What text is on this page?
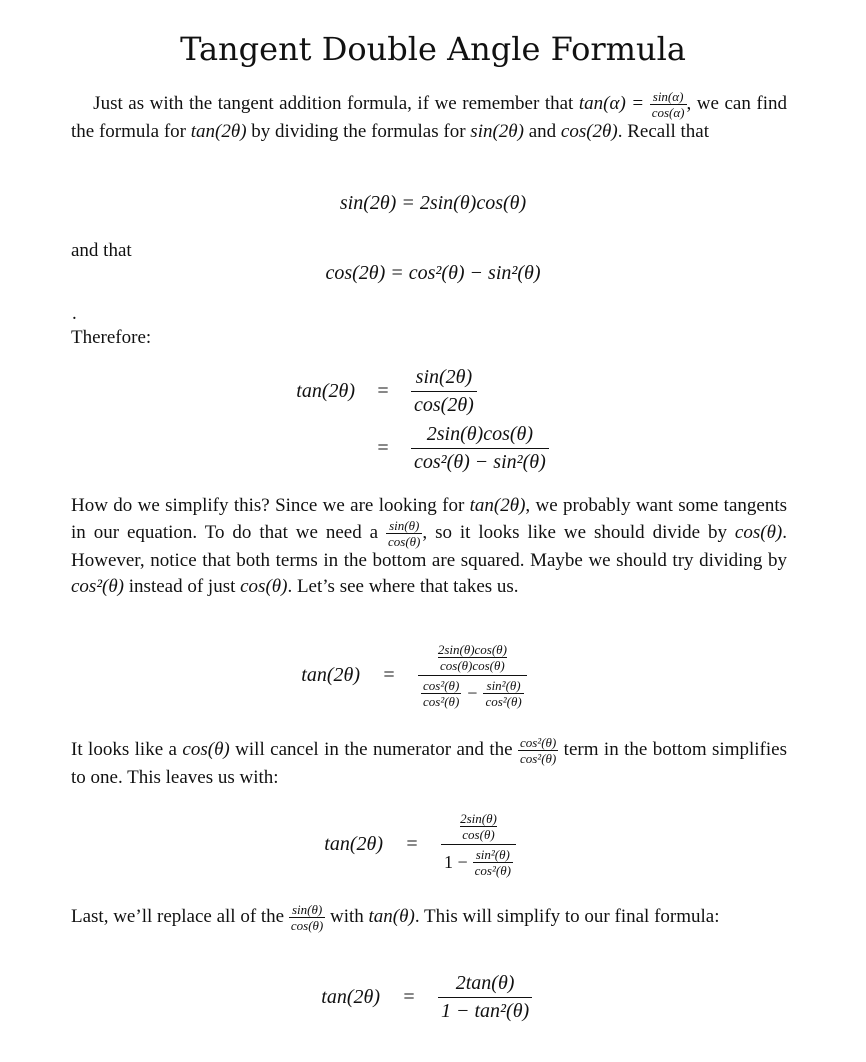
Tangent Double Angle Formula
Just as with the tangent addition formula, if we remember that $\tan(\alpha) = \frac{\sin(\alpha)}{\cos(\alpha)}$ , we can find the formula for tan(2θ) by dividing the formulas for sin(2θ) and cos(2θ). Recall that
sin(2θ) = 2sin(θ)cos(θ)
and that
cos(2θ) = cos²(θ) − sin²(θ)
.
Therefore:
tan(2θ)	=	$\frac{\sin(2\theta)}{\cos(2\theta)}$
=	$\frac{2\sin(\theta)\cos(\theta)}{\text{cos²(θ) − sin²(θ)}}$
How do we simplify this? Since we are looking for tan(2θ), we probably want some tangents in our equation. To do that we need a $\frac{\sin(\theta)}{\cos(\theta)}$ , so it looks like we should divide by cos(θ). However, notice that both terms in the bottom are squared. Maybe we should try dividing by cos²(θ) instead of just cos(θ). Let’s see where that takes us.
tan(2θ)	=	$\frac{\frac{2\sin(\theta)\cos(\theta)}{\cos(\theta)\cos(\theta)}}{\frac{\text{cos²(θ)}}{\text{cos²(θ)}} - \frac{\text{sin²(θ)}}{\text{cos²(θ)}}}$
It looks like a cos(θ) will cancel in the numerator and the $\frac{\text{cos²(θ)}}{\text{cos²(θ)}}$ term in the bottom simplifies to one. This leaves us with:
tan(2θ)	=	$\frac{\frac{2\sin(\theta)}{\cos(\theta)}}{1 - \frac{\text{sin²(θ)}}{\text{cos²(θ)}}}$
Last, we’ll replace all of the $\frac{\sin(\theta)}{\cos(\theta)}$ with tan(θ). This will simplify to our final formula:
tan(2θ)	=	$\frac{2\tan(\theta)}{\text{1 − tan²(θ)}}$
